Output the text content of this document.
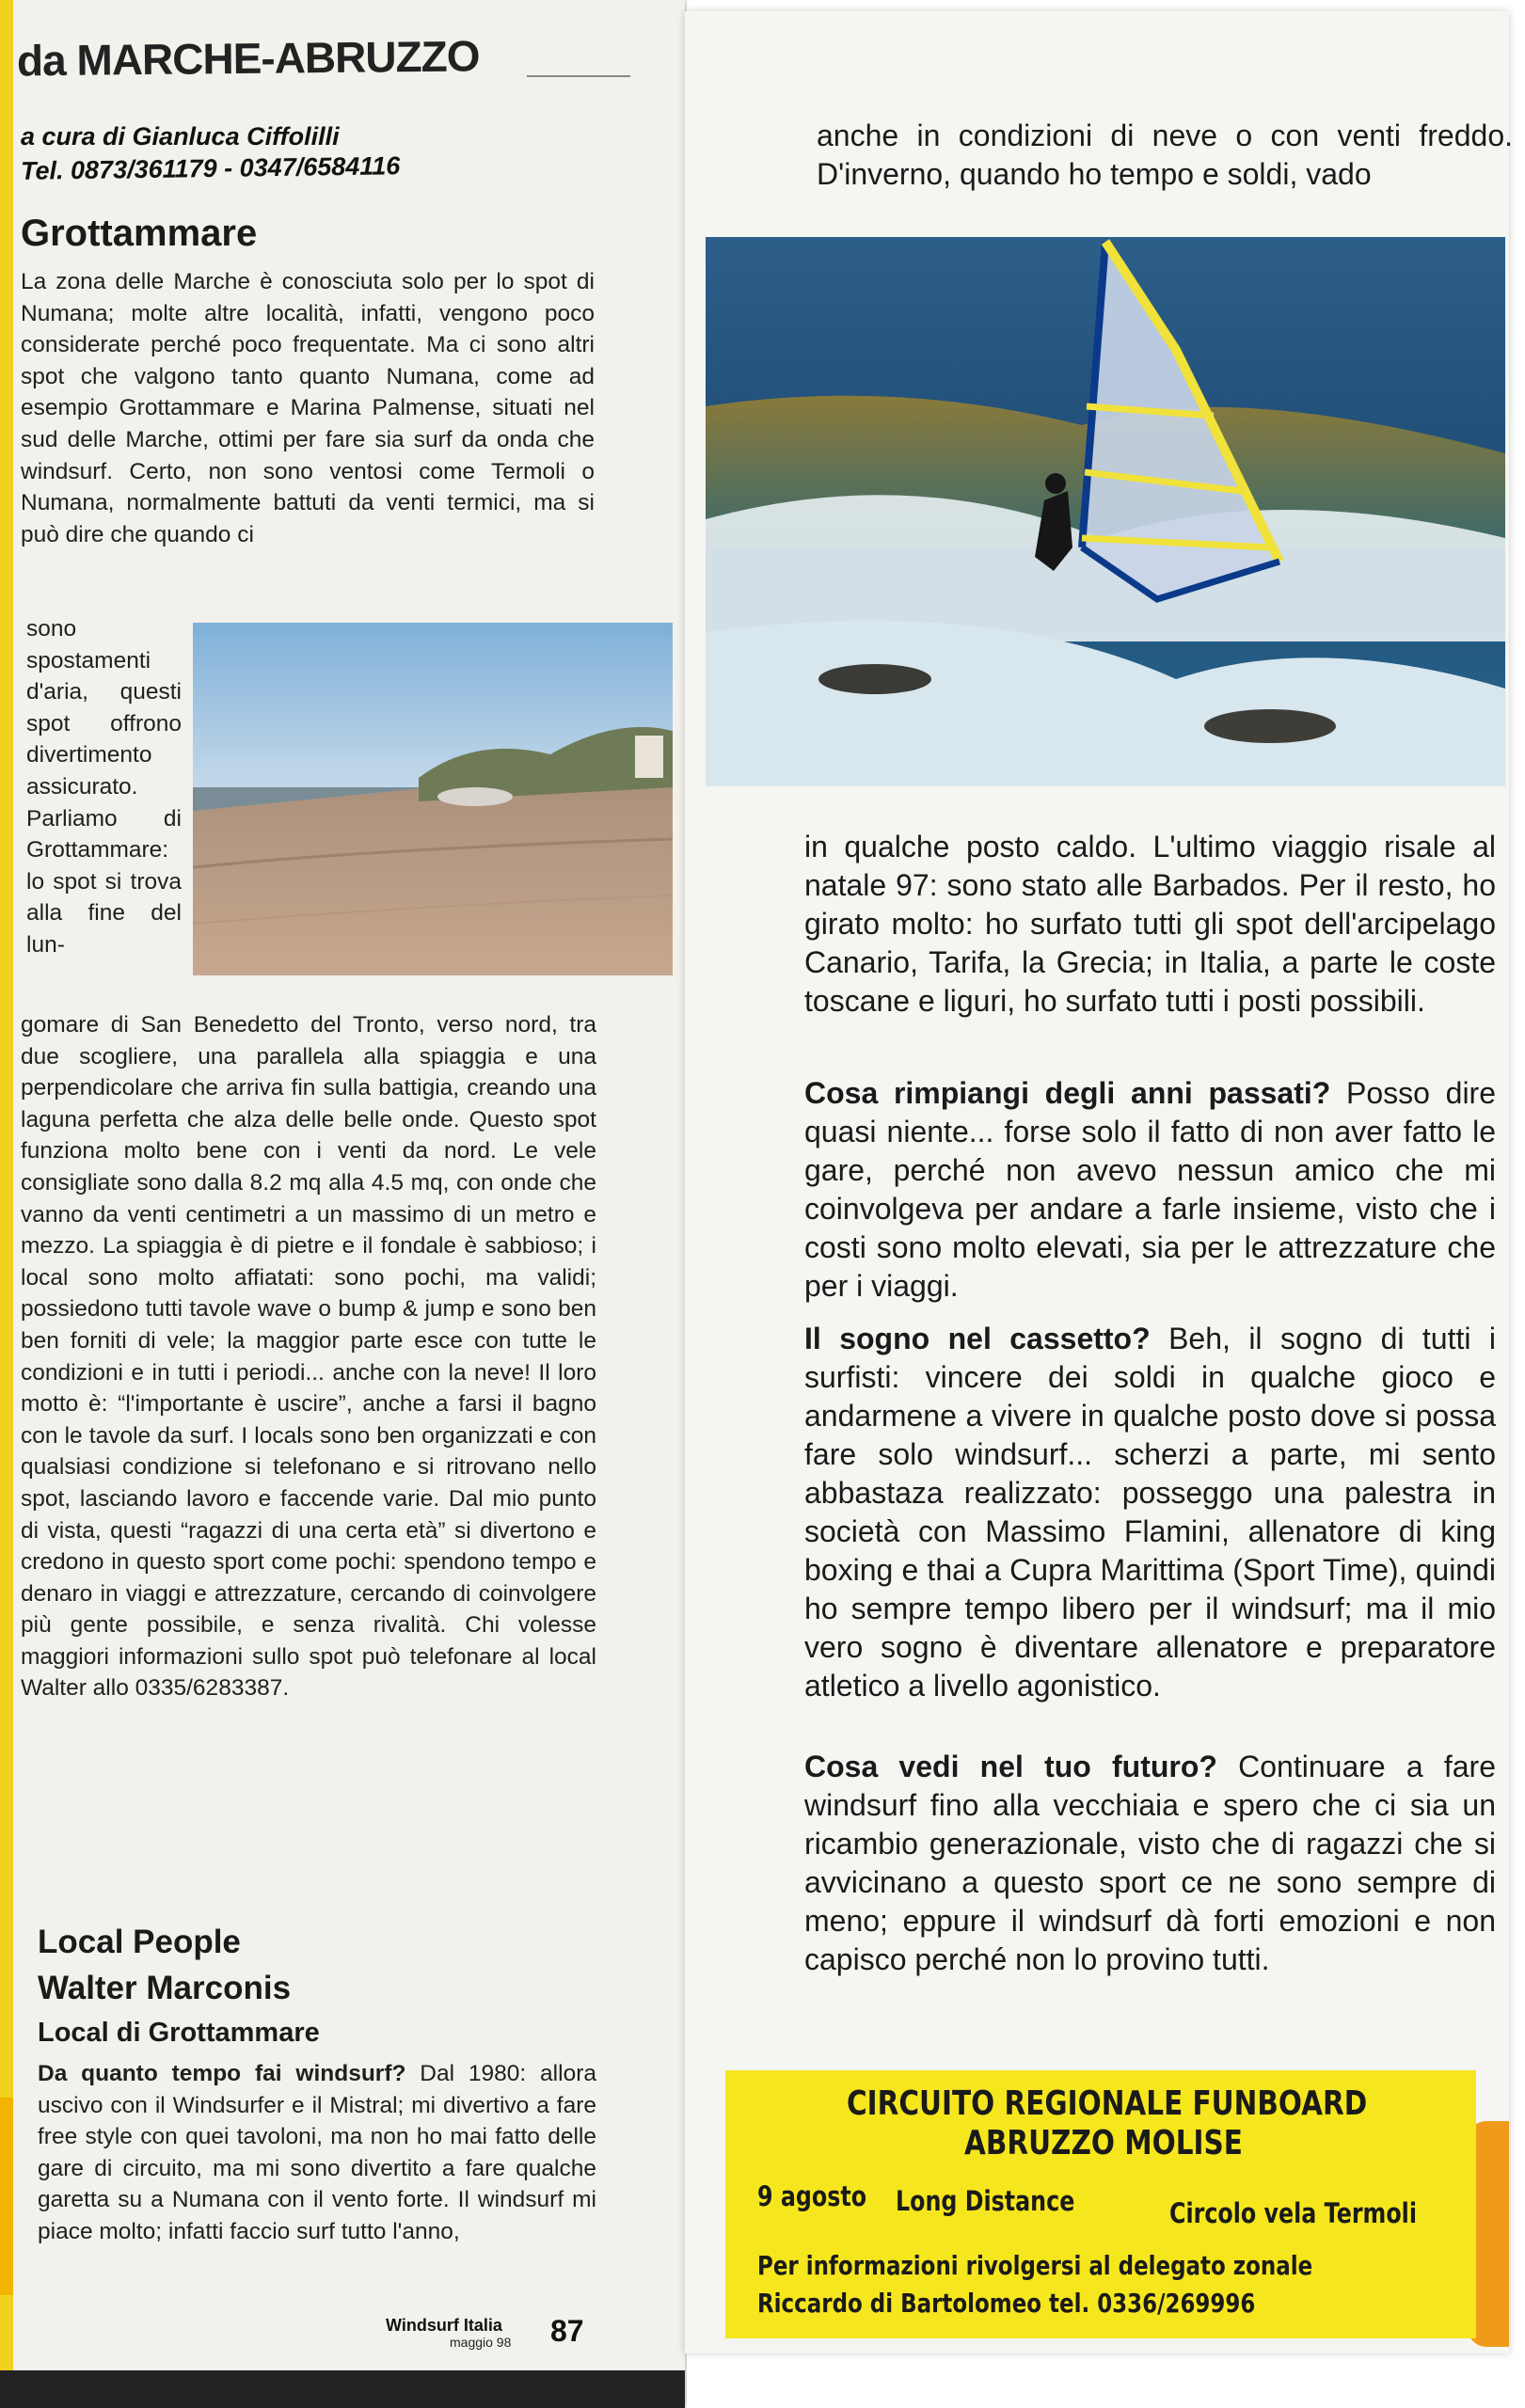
da MARCHE-ABRUZZO
a cura di Gianluca Ciffolilli
Tel. 0873/361179 - 0347/6584116
Grottammare
La zona delle Marche è conosciuta solo per lo spot di Numana; molte altre località, infatti, vengono poco considerate perché poco frequentate. Ma ci sono altri spot che valgono tanto quanto Numana, come ad esempio Grottammare e Marina Palmense, situati nel sud delle Marche, ottimi per fare sia surf da onda che windsurf. Certo, non sono ventosi come Termoli o Numana, normalmente battuti da venti termici, ma si può dire che quando ci
sono spostamenti d'aria, questi spot offrono divertimento assicurato. Parliamo di Grottammare: lo spot si trova alla fine del lun-
gomare di San Benedetto del Tronto, verso nord, tra due scogliere, una parallela alla spiaggia e una perpendicolare che arriva fin sulla battigia, creando una laguna perfetta che alza delle belle onde. Questo spot funziona molto bene con i venti da nord. Le vele consigliate sono dalla 8.2 mq alla 4.5 mq, con onde che vanno da venti centimetri a un massimo di un metro e mezzo. La spiaggia è di pietre e il fondale è sabbioso; i local sono molto affiatati: sono pochi, ma validi; possiedono tutti tavole wave o bump & jump e sono ben ben forniti di vele; la maggior parte esce con tutte le condizioni e in tutti i periodi... anche con la neve! Il loro motto è: “l'importante è uscire”, anche a farsi il bagno con le tavole da surf. I locals sono ben organizzati e con qualsiasi condizione si telefonano e si ritrovano nello spot, lasciando lavoro e faccende varie. Dal mio punto di vista, questi “ragazzi di una certa età” si divertono e credono in questo sport come pochi: spendono tempo e denaro in viaggi e attrezzature, cercando di coinvolgere più gente possibile, e senza rivalità. Chi volesse maggiori informazioni sullo spot può telefonare al local Walter allo 0335/6283387.
Local People
Walter Marconis
Local di Grottammare
Da quanto tempo fai windsurf? Dal 1980: allora uscivo con il Windsurfer e il Mistral; mi divertivo a fare free style con quei tavoloni, ma non ho mai fatto delle gare di circuito, ma mi sono divertito a fare qualche garetta su a Numana con il vento forte. Il windsurf mi piace molto; infatti faccio surf tutto l'anno,
Windsurf Italia
maggio 98 87
anche in condizioni di neve o con venti freddo. D'inverno, quando ho tempo e soldi, vado
in qualche posto caldo. L'ultimo viaggio risale al natale 97: sono stato alle Barbados. Per il resto, ho girato molto: ho surfato tutti gli spot dell'arcipelago Canario, Tarifa, la Grecia; in Italia, a parte le coste toscane e liguri, ho surfato tutti i posti possibili.
Cosa rimpiangi degli anni passati? Posso dire quasi niente... forse solo il fatto di non aver fatto le gare, perché non avevo nessun amico che mi coinvolgeva per andare a farle insieme, visto che i costi sono molto elevati, sia per le attrezzature che per i viaggi.
Il sogno nel cassetto? Beh, il sogno di tutti i surfisti: vincere dei soldi in qualche gioco e andarmene a vivere in qualche posto dove si possa fare solo windsurf... scherzi a parte, mi sento abbastaza realizzato: posseggo una palestra in società con Massimo Flamini, allenatore di king boxing e thai a Cupra Marittima (Sport Time), quindi ho sempre tempo libero per il windsurf; ma il mio vero sogno è diventare allenatore e preparatore atletico a livello agonistico.
Cosa vedi nel tuo futuro? Continuare a fare windsurf fino alla vecchiaia e spero che ci sia un ricambio generazionale, visto che di ragazzi che si avvicinano a questo sport ce ne sono sempre di meno; eppure il windsurf dà forti emozioni e non capisco perché non lo provino tutti.
CIRCUITO REGIONALE FUNBOARD
ABRUZZO MOLISE
9 agosto Long Distance	Circolo vela Termoli
Per informazioni rivolgersi al delegato zonale
Riccardo di Bartolomeo tel. 0336/269996
